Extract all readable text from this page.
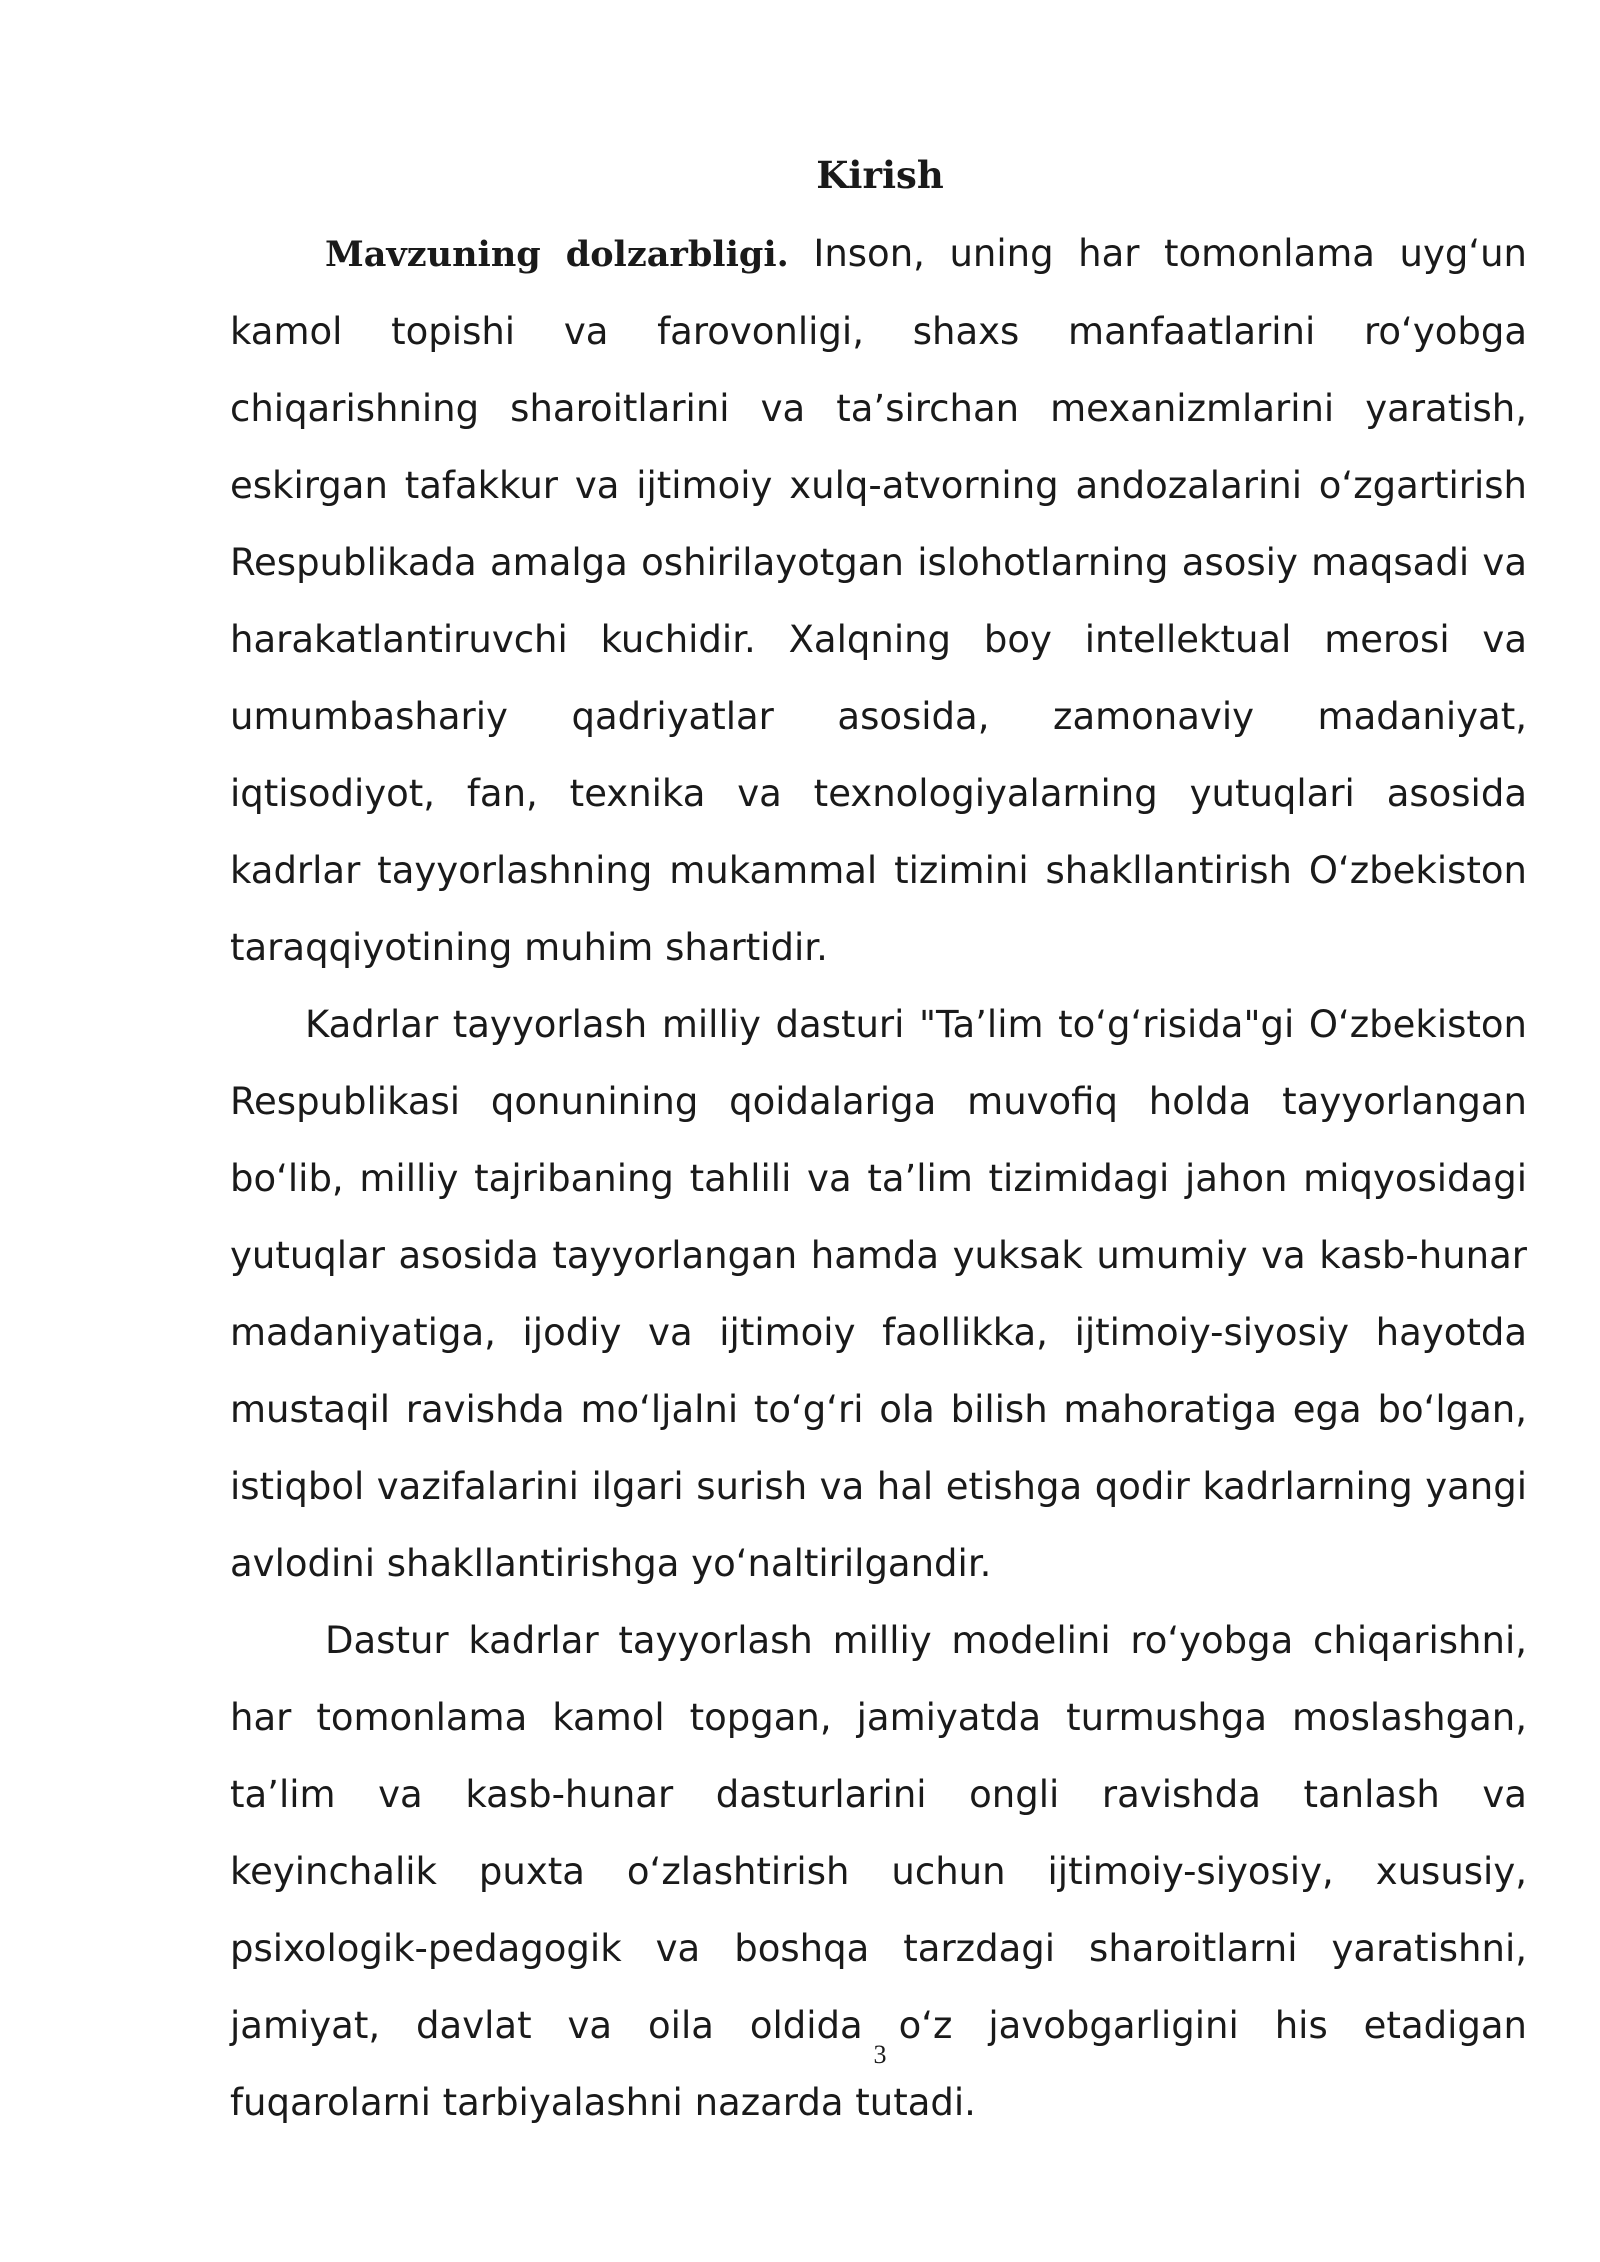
Kirish

Mavzuning dolzarbligi. Inson, uning har tomonlama uygʻun kamol topishi va farovonligi, shaxs manfaatlarini roʻyobga chiqarishning sharoitlarini va taʼsirchan mexanizmlarini yaratish, eskirgan tafakkur va ijtimoiy xulq-atvorning andozalarini oʻzgartirish Respublikada amalga oshirilayotgan islohotlarning asosiy maqsadi va harakatlantiruvchi kuchidir. Xalqning boy intellektual merosi va umumbashariy qadriyatlar asosida, zamonaviy madaniyat, iqtisodiyot, fan, texnika va texnologiyalarning yutuqlari asosida kadrlar tayyorlashning mukammal tizimini shakllantirish Oʻzbekiston taraqqiyotining muhim shartidir.

Kadrlar tayyorlash milliy dasturi "Taʼlim toʻgʻrisida"gi Oʻzbekiston Respublikasi qonunining qoidalariga muvofiq holda tayyorlangan boʻlib, milliy tajribaning tahlili va taʼlim tizimidagi jahon miqyosidagi yutuqlar asosida tayyorlangan hamda yuksak umumiy va kasb-hunar madaniyatiga, ijodiy va ijtimoiy faollikka, ijtimoiy-siyosiy hayotda mustaqil ravishda moʻljalni toʻgʻri ola bilish mahoratiga ega boʻlgan, istiqbol vazifalarini ilgari surish va hal etishga qodir kadrlarning yangi avlodini shakllantirishga yoʻnaltirilgandir.

Dastur kadrlar tayyorlash milliy modelini roʻyobga chiqarishni, har tomonlama kamol topgan, jamiyatda turmushga moslashgan, taʼlim va kasb-hunar dasturlarini ongli ravishda tanlash va keyinchalik puxta oʻzlashtirish uchun ijtimoiy-siyosiy, xususiy, psixologik-pedagogik va boshqa tarzdagi sharoitlarni yaratishni, jamiyat, davlat va oila oldida oʻz javobgarligini his etadigan fuqarolarni tarbiyalashni nazarda tutadi.

3
